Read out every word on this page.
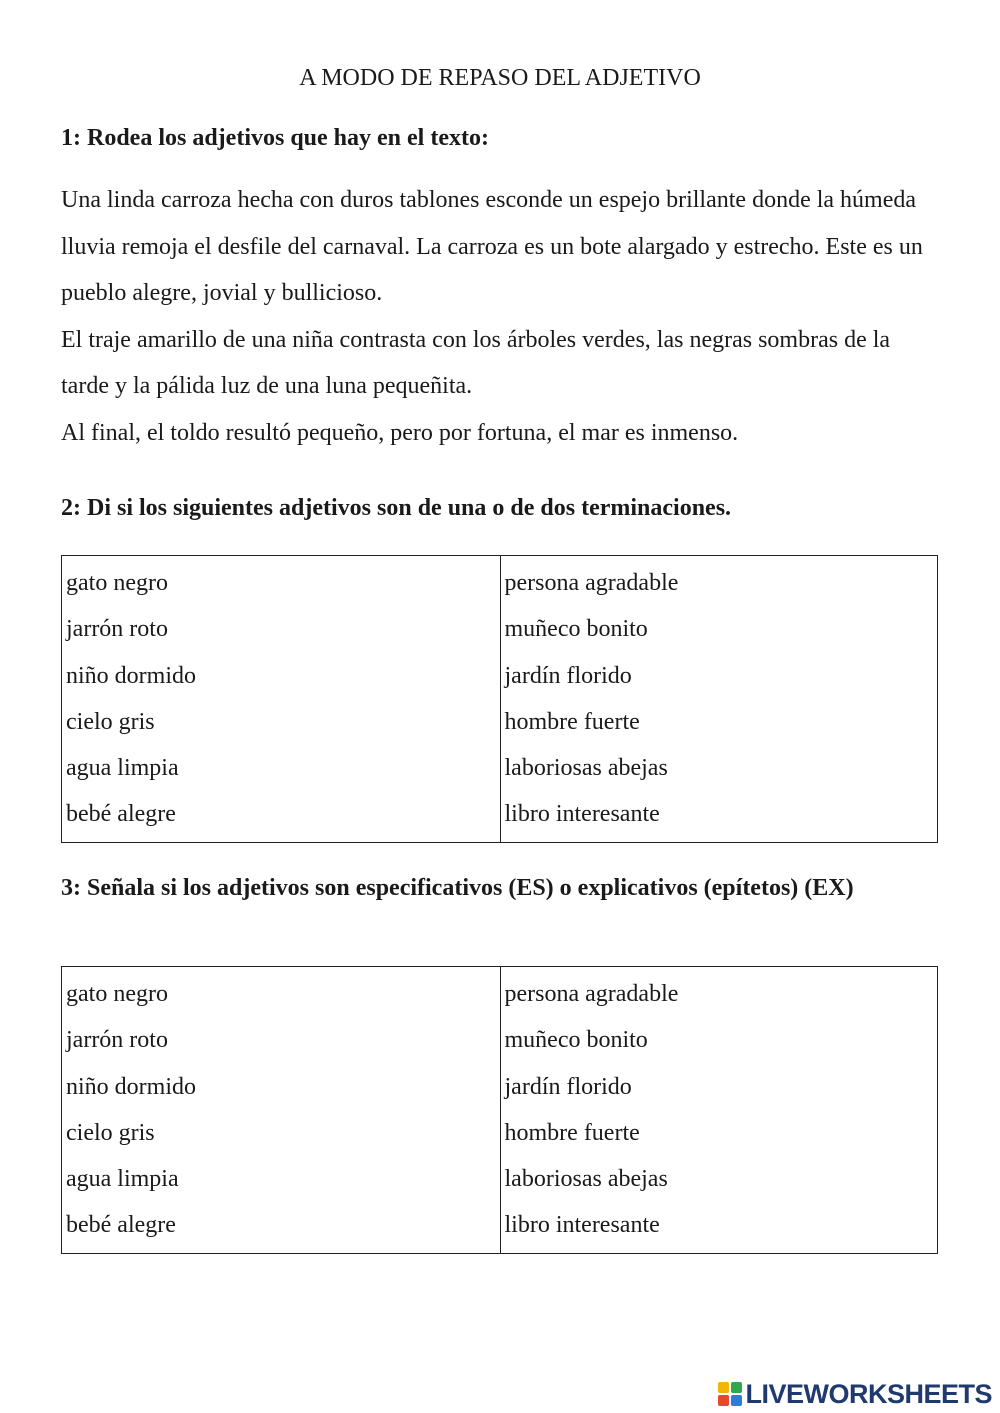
A MODO DE REPASO DEL ADJETIVO
1: Rodea los adjetivos que hay en el texto:

Una linda carroza hecha con duros tablones esconde un espejo brillante donde la húmeda lluvia remoja el desfile del carnaval. La carroza es un bote alargado y estrecho. Este es un pueblo alegre, jovial y bullicioso.

El traje amarillo de una niña contrasta con los árboles verdes, las negras sombras de la tarde y la pálida luz de una luna pequeñita.

Al final, el toldo resultó pequeño, pero por fortuna, el mar es inmenso.

2: Di si los siguientes adjetivos son de una o de dos terminaciones.
gato negro
jarrón roto
niño dormido
cielo gris
agua limpia
bebé alegre
persona agradable
muñeco bonito
jardín florido
hombre fuerte
laboriosas abejas
libro interesante
3: Señala si los adjetivos son especificativos (ES) o explicativos (epítetos) (EX)
gato negro
jarrón roto
niño dormido
cielo gris
agua limpia
bebé alegre
persona agradable
muñeco bonito
jardín florido
hombre fuerte
laboriosas abejas
libro interesante
LIVEWORKSHEETS
